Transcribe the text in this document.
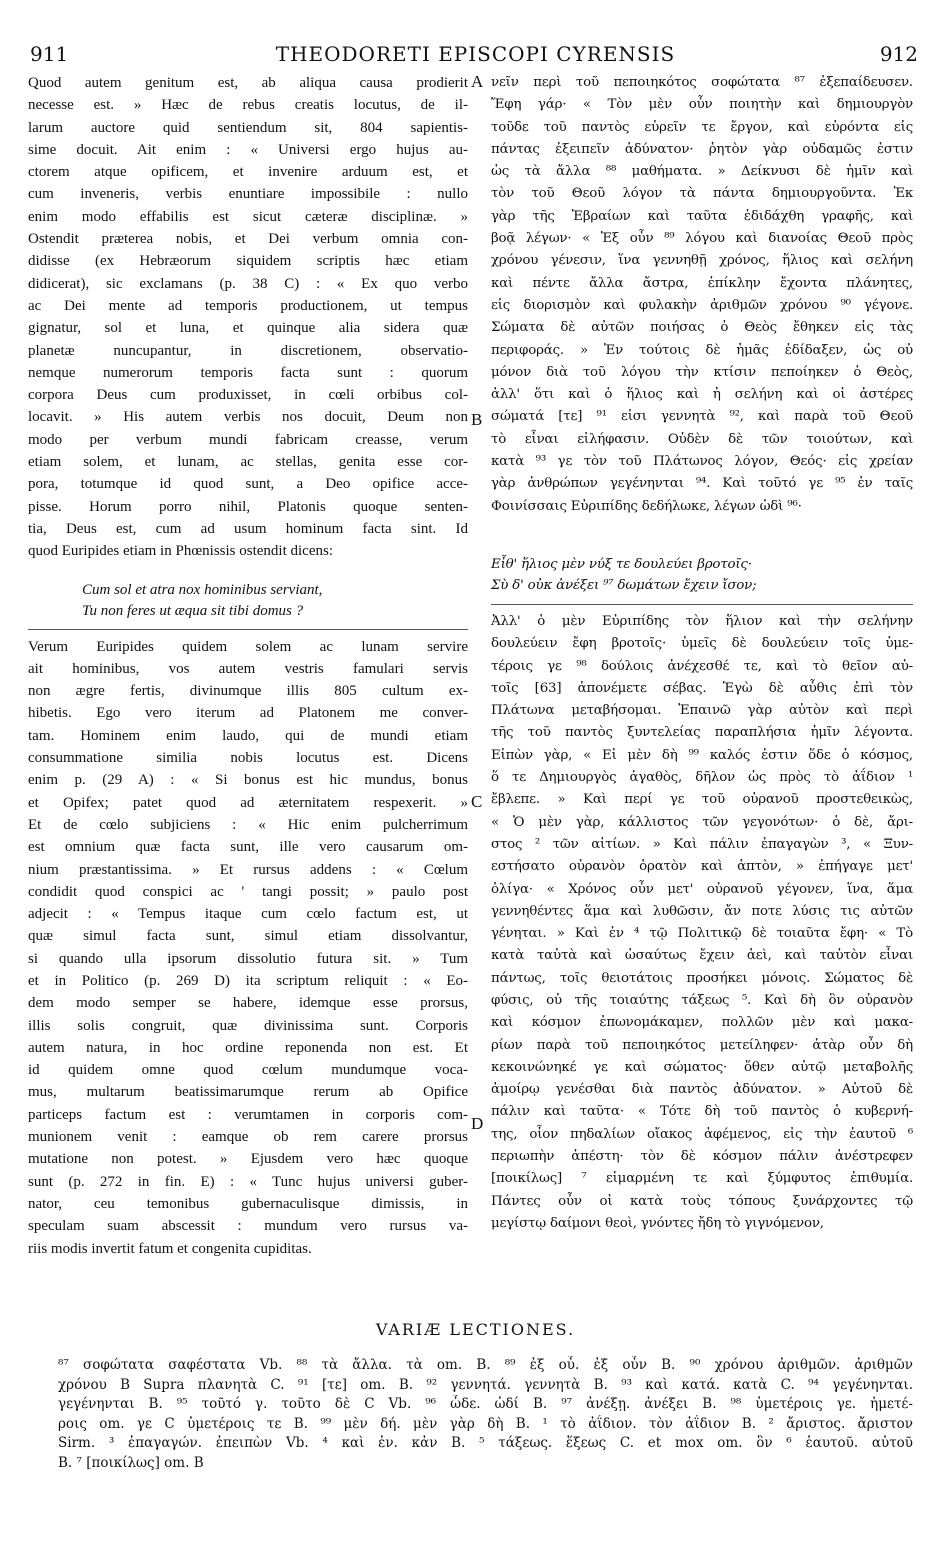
911	THEODORETI EPISCOPI CYRENSIS	912
A
B
C
D
Quod autem genitum est, ab aliqua causa prodierit
necesse est. » Hæc de rebus creatis locutus, de il-
larum auctore quid sentiendum sit, 804 sapientis-
sime docuit. Ait enim : « Universi ergo hujus au-
ctorem atque opificem, et invenire arduum est, et
cum inveneris, verbis enuntiare impossibile : nullo
enim modo effabilis est sicut cæteræ disciplinæ. »
Ostendit præterea nobis, et Dei verbum omnia con-
didisse (ex Hebræorum siquidem scriptis hæc etiam
didicerat), sic exclamans (p. 38 C) : « Ex quo verbo
ac Dei mente ad temporis productionem, ut tempus
gignatur, sol et luna, et quinque alia sidera quæ
planetæ nuncupantur, in discretionem, observatio-
nemque numerorum temporis facta sunt : quorum
corpora Deus cum produxisset, in cœli orbibus col-
locavit. » His autem verbis nos docuit, Deum non
modo per verbum mundi fabricam creasse, verum
etiam solem, et lunam, ac stellas, genita esse cor-
pora, totumque id quod sunt, a Deo opifice acce-
pisse. Horum porro nihil, Platonis quoque senten-
tia, Deus est, cum ad usum hominum facta sint. Id
quod Euripides etiam in Phœnissis ostendit dicens:
Cum sol et atra nox hominibus serviant,
Tu non feres ut æqua sit tibi domus ?
Verum Euripides quidem solem ac lunam servire
ait hominibus, vos autem vestris famulari servis
non ægre fertis, divinumque illis 805 cultum ex-
hibetis. Ego vero iterum ad Platonem me conver-
tam. Hominem enim laudo, qui de mundi etiam
consummatione similia nobis locutus est. Dicens
enim p. (29 A) : « Si bonus est hic mundus, bonus
et Opifex; patet quod ad æternitatem respexerit. »
Et de cœlo subjiciens : « Hic enim pulcherrimum
est omnium quæ facta sunt, ille vero causarum om-
nium præstantissima. » Et rursus addens : « Cœlum
condidit quod conspici ac ' tangi possit; » paulo post
adjecit : « Tempus itaque cum cœlo factum est, ut
quæ simul facta sunt, simul etiam dissolvantur,
si quando ulla ipsorum dissolutio futura sit. » Tum
et in Politico (p. 269 D) ita scriptum reliquit : « Eo-
dem modo semper se habere, idemque esse prorsus,
illis solis congruit, quæ divinissima sunt. Corporis
autem natura, in hoc ordine reponenda non est. Et
id quidem omne quod cœlum mundumque voca-
mus, multarum beatissimarumque rerum ab Opifice
particeps factum est : verumtamen in corporis com-
munionem venit : eamque ob rem carere prorsus
mutatione non potest. » Ejusdem vero hæc quoque
sunt (p. 272 in fin. E) : « Tunc hujus universi guber-
nator, ceu temonibus gubernaculisque dimissis, in
speculam suam abscessit : mundum vero rursus va-
riis modis invertit fatum et congenita cupiditas.
νεῖν περὶ τοῦ πεποιηκότος σοφώτατα ⁸⁷ ἐξεπαίδευσεν.
Ἔφη γάρ· « Τὸν μὲν οὖν ποιητὴν καὶ δημιουργὸν
τοῦδε τοῦ παντὸς εὑρεῖν τε ἔργον, καὶ εὑρόντα εἰς
πάντας ἐξειπεῖν ἀδύνατον· ῥητὸν γὰρ οὐδαμῶς ἐστιν
ὡς τὰ ἄλλα ⁸⁸ μαθήματα. » Δείκνυσι δὲ ἡμῖν καὶ
τὸν τοῦ Θεοῦ λόγον τὰ πάντα δημιουργοῦντα. Ἐκ
γὰρ τῆς Ἑβραίων καὶ ταῦτα ἐδιδάχθη γραφῆς, καὶ
βοᾷ λέγων· « Ἐξ οὖν ⁸⁹ λόγου καὶ διανοίας Θεοῦ πρὸς
χρόνου γένεσιν, ἵνα γεννηθῇ χρόνος, ἥλιος καὶ σελήνη
καὶ πέντε ἄλλα ἄστρα, ἐπίκλην ἔχοντα πλάνητες,
εἰς διορισμὸν καὶ φυλακὴν ἀριθμῶν χρόνου ⁹⁰ γέγονε.
Σώματα δὲ αὐτῶν ποιήσας ὁ Θεὸς ἔθηκεν εἰς τὰς
περιφοράς. » Ἐν τούτοις δὲ ἡμᾶς ἐδίδαξεν, ὡς οὐ
μόνον διὰ τοῦ λόγου τὴν κτίσιν πεποίηκεν ὁ Θεὸς,
ἀλλ' ὅτι καὶ ὁ ἥλιος καὶ ἡ σελήνη καὶ οἱ ἀστέρες
σώματά [τε] ⁹¹ εἰσι γεννητὰ ⁹², καὶ παρὰ τοῦ Θεοῦ
τὸ εἶναι εἰλήφασιν. Οὐδὲν δὲ τῶν τοιούτων, καὶ
κατὰ ⁹³ γε τὸν τοῦ Πλάτωνος λόγον, Θεός· εἰς χρείαν
γὰρ ἀνθρώπων γεγένηνται ⁹⁴. Καὶ τοῦτό γε ⁹⁵ ἐν ταῖς
Φοινίσσαις Εὐριπίδης δεδήλωκε, λέγων ὡδὶ ⁹⁶·
Εἶθ' ἥλιος μὲν νύξ τε δουλεύει βροτοῖς·
Σὺ δ' οὐκ ἀνέξει ⁹⁷ δωμάτων ἔχειν ἴσον;
Ἀλλ' ὁ μὲν Εὐριπίδης τὸν ἥλιον καὶ τὴν σελήνην
δουλεύειν ἔφη βροτοῖς· ὑμεῖς δὲ δουλεύειν τοῖς ὑμε-
τέροις γε ⁹⁸ δούλοις ἀνέχεσθέ τε, καὶ τὸ θεῖον αὐ-
τοῖς [63] ἀπονέμετε σέβας. Ἐγὼ δὲ αὖθις ἐπὶ τὸν
Πλάτωνα μεταβήσομαι. Ἐπαινῶ γὰρ αὐτὸν καὶ περὶ
τῆς τοῦ παντὸς ξυντελείας παραπλήσια ἡμῖν λέγοντα.
Εἰπὼν γὰρ, « Εἰ μὲν δὴ ⁹⁹ καλός ἐστιν ὅδε ὁ κόσμος,
ὅ τε Δημιουργὸς ἀγαθὸς, δῆλον ὡς πρὸς τὸ ἀΐδιον ¹
ἔβλεπε. » Καὶ περί γε τοῦ οὐρανοῦ προστεθεικὼς,
« Ὁ μὲν γὰρ, κάλλιστος τῶν γεγονότων· ὁ δὲ, ἄρι-
στος ² τῶν αἰτίων. » Καὶ πάλιν ἐπαγαγὼν ³, « Ξυν-
εστήσατο οὐρανὸν ὁρατὸν καὶ ἁπτὸν, » ἐπήγαγε μετ'
ὀλίγα· « Χρόνος οὖν μετ' οὐρανοῦ γέγονεν, ἵνα, ἅμα
γεννηθέντες ἅμα καὶ λυθῶσιν, ἄν ποτε λύσις τις αὐτῶν
γένηται. » Καὶ ἐν ⁴ τῷ Πολιτικῷ δὲ τοιαῦτα ἔφη· « Τὸ
κατὰ ταὐτὰ καὶ ὡσαύτως ἔχειν ἀεὶ, καὶ ταὐτὸν εἶναι
πάντως, τοῖς θειοτάτοις προσήκει μόνοις. Σώματος δὲ
φύσις, οὐ τῆς τοιαύτης τάξεως ⁵. Καὶ δὴ ὃν οὐρανὸν
καὶ κόσμον ἐπωνομάκαμεν, πολλῶν μὲν καὶ μακα-
ρίων παρὰ τοῦ πεποιηκότος μετείληφεν· ἀτὰρ οὖν δὴ
κεκοινώνηκέ γε καὶ σώματος· ὅθεν αὐτῷ μεταβολῆς
ἀμοίρῳ γενέσθαι διὰ παντὸς ἀδύνατον. » Αὐτοῦ δὲ
πάλιν καὶ ταῦτα· « Τότε δὴ τοῦ παντὸς ὁ κυβερνή-
της, οἷον πηδαλίων οἴακος ἀφέμενος, εἰς τὴν ἑαυτοῦ ⁶
περιωπὴν ἀπέστη· τὸν δὲ κόσμον πάλιν ἀνέστρεφεν
[ποικίλως] ⁷ εἱμαρμένη τε καὶ ξύμφυτος ἐπιθυμία.
Πάντες οὖν οἱ κατὰ τοὺς τόπους ξυνάρχοντες τῷ
μεγίστῳ δαίμονι θεοὶ, γνόντες ἤδη τὸ γιγνόμενον,
VARIÆ LECTIONES.
⁸⁷ σοφώτατα σαφέστατα Vb. ⁸⁸ τὰ ἄλλα. τὰ om. B. ⁸⁹ ἐξ οὖ. ἐξ οὖν B. ⁹⁰ χρόνου ἀριθμῶν. ἀριθμῶν
χρόνου B Supra πλανητὰ C. ⁹¹ [τε] om. B. ⁹² γεννητά. γεννητὰ B. ⁹³ καὶ κατά. κατὰ C. ⁹⁴ γεγένηνται.
γεγένηνται B. ⁹⁵ τοῦτό γ. τοῦτο δὲ C Vb. ⁹⁶ ὧδε. ὡδί B. ⁹⁷ ἀνέξῃ. ἀνέξει B. ⁹⁸ ὑμετέροις γε. ἡμετέ-
ροις om. γε C ὑμετέροις τε B. ⁹⁹ μὲν δή. μὲν γὰρ δὴ B. ¹ τὸ ἀΐδιον. τὸν ἀΐδιον B. ² ἄριστος. ἄριστον
Sirm. ³ ἐπαγαγών. ἐπειπὼν Vb. ⁴ καὶ ἐν. κἀν B. ⁵ τάξεως. ἕξεως C. et mox om. ὃν ⁶ ἑαυτοῦ. αὐτοῦ
B. ⁷ [ποικίλως] om. B
